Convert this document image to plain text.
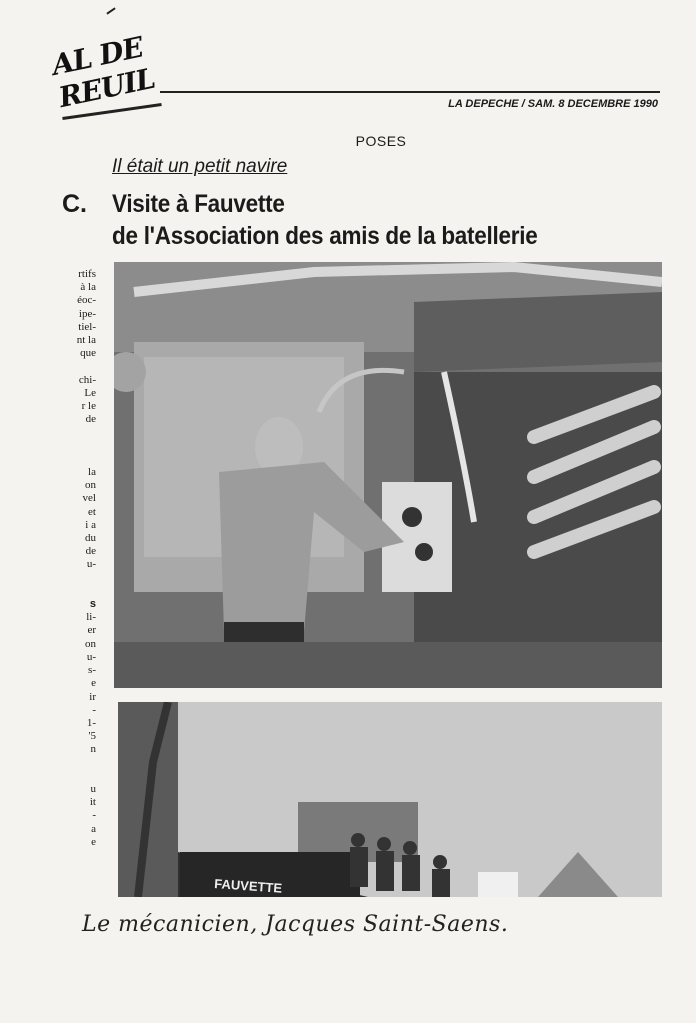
AL DE REUIL	LA DEPECHE / SAM. 8 DECEMBRE 1990
POSES
Il était un petit navire
C. Visite à Fauvette
de l'Association des amis de la batellerie
rtifs
à la
éoc-
ipe-
tiel-
nt la
que

chi-
Le
r le
de

la
on
vel
et
i a
du
de
u-

s
li-
er
on
u-
s-
e
ir
-
1-
'5
n

u
it
-
a
e
FAUVETTE
Le mécanicien, Jacques Saint-Saens.
